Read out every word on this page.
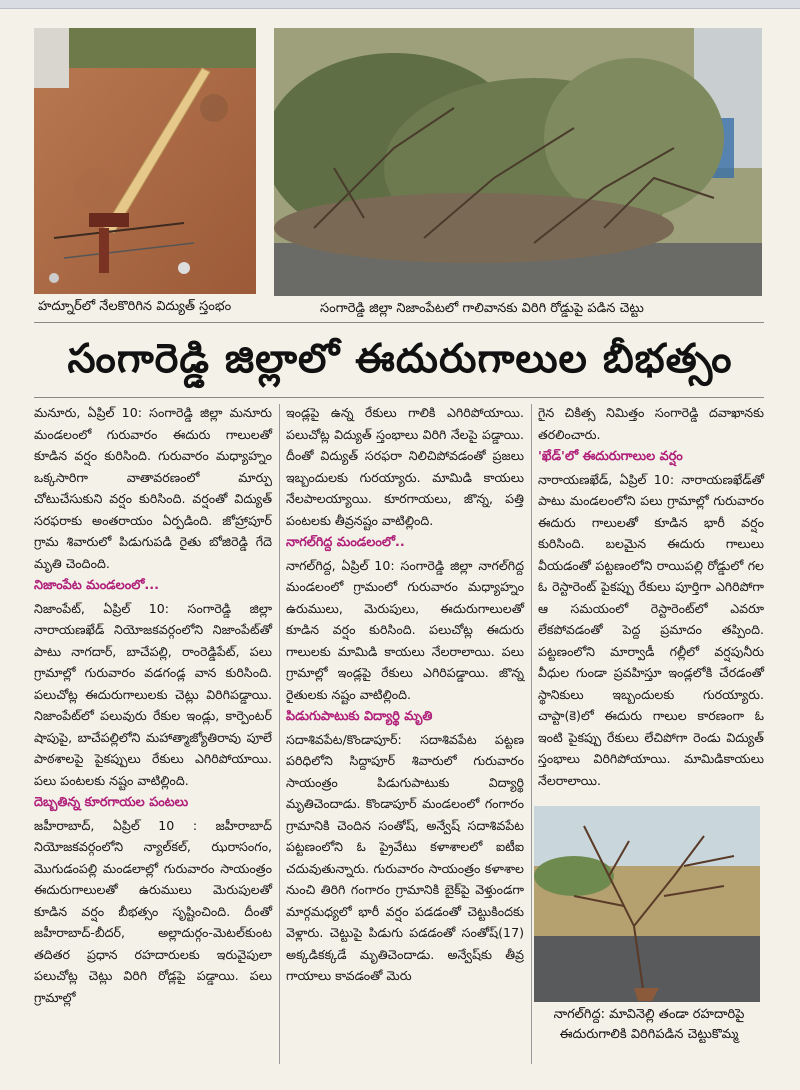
హద్నూర్‌లో నేలకొరిగిన విద్యుత్ స్తంభం	సంగారెడ్డి జిల్లా నిజాంపేటలో గాలివానకు విరిగి రోడ్డుపై పడిన చెట్టు
సంగారెడ్డి జిల్లాలో ఈదురుగాలుల బీభత్సం

మనూరు, ఏప్రిల్ 10: సంగారెడ్డి జిల్లా మనూరు మండలంలో గురువారం ఈదురు గాలులతో కూడిన వర్షం కురిసింది. గురువారం మధ్యాహ్నం ఒక్కసారిగా వాతావరణంలో మార్పు చోటుచేసుకుని వర్షం కురిసింది. వర్షంతో విద్యుత్ సరఫరాకు అంతరాయం ఏర్పడింది. జోహ్రాపూర్ గ్రామ శివారులో పిడుగుపడి రైతు బోజిరెడ్డి గేదె మృతి చెందింది.

నిజాంపేట మండలంలో...

నిజాంపేట్, ఏప్రిల్ 10: సంగారెడ్డి జిల్లా నారాయణఖేడ్ నియోజకవర్గంలోని నిజాంపేట్‌తో పాటు నాగదార్, బాచేపల్లి, రాంరెడ్డిపేట్, పలు గ్రామాల్లో గురువారం వడగండ్ల వాన కురిసింది. పలుచోట్ల ఈదురుగాలులకు చెట్లు విరిగిపడ్డాయి. నిజాంపేట్‌లో పలువురు రేకుల ఇండ్లు, కార్పెంటర్ షాపుపై, బాచేపల్లిలోని మహాత్మాజ్యోతిరావు పూలే పాఠశాలపై పైకప్పులు రేకులు ఎగిరిపోయాయి. పలు పంటలకు నష్టం వాటిల్లింది.

దెబ్బతిన్న కూరగాయల పంటలు

జహీరాబాద్, ఏప్రిల్ 10 : జహీరాబాద్ నియోజకవర్గంలోని న్యాల్‌కల్, ఝరాసంగం, మొగుడంపల్లి మండలాల్లో గురువారం సాయంత్రం ఈదురుగాలులతో ఉరుములు మెరుపులతో కూడిన వర్షం బీభత్సం సృష్టించింది. దీంతో జహీరాబాద్-బీదర్, అల్లాదుర్గం-మెటల్‌కుంట తదితర ప్రధాన రహదారులకు ఇరువైపులా పలుచోట్ల చెట్లు విరిగి రోడ్లపై పడ్డాయి. పలు గ్రామాల్లో

ఇండ్లపై ఉన్న రేకులు గాలికి ఎగిరిపోయాయి. పలుచోట్ల విద్యుత్ స్తంభాలు విరిగి నేలపై పడ్డాయి. దీంతో విద్యుత్ సరఫరా నిలిచిపోవడంతో ప్రజలు ఇబ్బందులకు గురయ్యారు. మామిడి కాయలు నేలపాలయ్యాయి. కూరగాయలు, జొన్న, పత్తి పంటలకు తీవ్రనష్టం వాటిల్లింది.

నాగల్‌గిద్ద మండలంలో..

నాగల్‌గిద్ద, ఏప్రిల్ 10: సంగారెడ్డి జిల్లా నాగల్‌గిద్ద మండలంలో గ్రామంలో గురువారం మధ్యాహ్నం ఉరుములు, మెరుపులు, ఈదురుగాలులతో కూడిన వర్షం కురిసింది. పలుచోట్ల ఈదురు గాలులకు మామిడి కాయలు నేలరాలాయి. పలు గ్రామాల్లో ఇండ్లపై రేకులు ఎగిరిపడ్డాయి. జొన్న రైతులకు నష్టం వాటిల్లింది.

పిడుగుపాటుకు విద్యార్థి మృతి

సదాశివపేట/కొండాపూర్: సదాశివపేట పట్టణ పరిధిలోని సిద్దాపూర్ శివారులో గురువారం సాయంత్రం పిడుగుపాటుకు విద్యార్థి మృతిచెందాడు. కొండాపూర్ మండలంలో గంగారం గ్రామానికి చెందిన సంతోష్, అన్వేష్ సదాశివపేట పట్టణంలోని ఓ ప్రైవేటు కళాశాలలో ఐటీఐ చదువుతున్నారు. గురువారం సాయంత్రం కళాశాల నుంచి తిరిగి గంగారం గ్రామానికి బైక్‌పై వెళ్తుండగా మార్గమధ్యలో భారీ వర్షం పడడంతో చెట్టుకిందకు వెళ్లారు. చెట్టుపై పిడుగు పడడంతో సంతోష్(17) అక్కడికక్కడే మృతిచెందాడు. అన్వేష్‌కు తీవ్ర గాయాలు కావడంతో మెరు

గైన చికిత్స నిమిత్తం సంగారెడ్డి దవాఖానకు తరలించారు.

'ఖేడ్'లో ఈదురుగాలుల వర్షం

నారాయణఖేడ్, ఏప్రిల్ 10: నారాయణఖేడ్‌తో పాటు మండలంలోని పలు గ్రామాల్లో గురువారం ఈదురు గాలులతో కూడిన భారీ వర్షం కురిసింది. బలమైన ఈదురు గాలులు వీయడంతో పట్టణంలోని రాయిపల్లి రోడ్డులో గల ఓ రెస్టారెంట్ పైకప్పు రేకులు పూర్తిగా ఎగిరిపోగా ఆ సమయంలో రెస్టారెంట్‌లో ఎవరూ లేకపోవడంతో పెద్ద ప్రమాదం తప్పింది. పట్టణంలోని మార్వాడీ గల్లీలో వర్షపునీరు వీధుల గుండా ప్రవహిస్తూ ఇండ్లలోకి చేరడంతో స్థానికులు ఇబ్బందులకు గురయ్యారు. చాప్టా(కె)లో ఈదురు గాలుల కారణంగా ఓ ఇంటి పైకప్పు రేకులు లేచిపోగా రెండు విద్యుత్ స్తంభాలు విరిగిపోయాయి. మామిడికాయలు నేలరాలాయి.

నాగల్‌గిద్ద: మావినెల్లి తండా రహదారిపై
ఈదురుగాలికి విరిగిపడిన చెట్టుకొమ్మ
